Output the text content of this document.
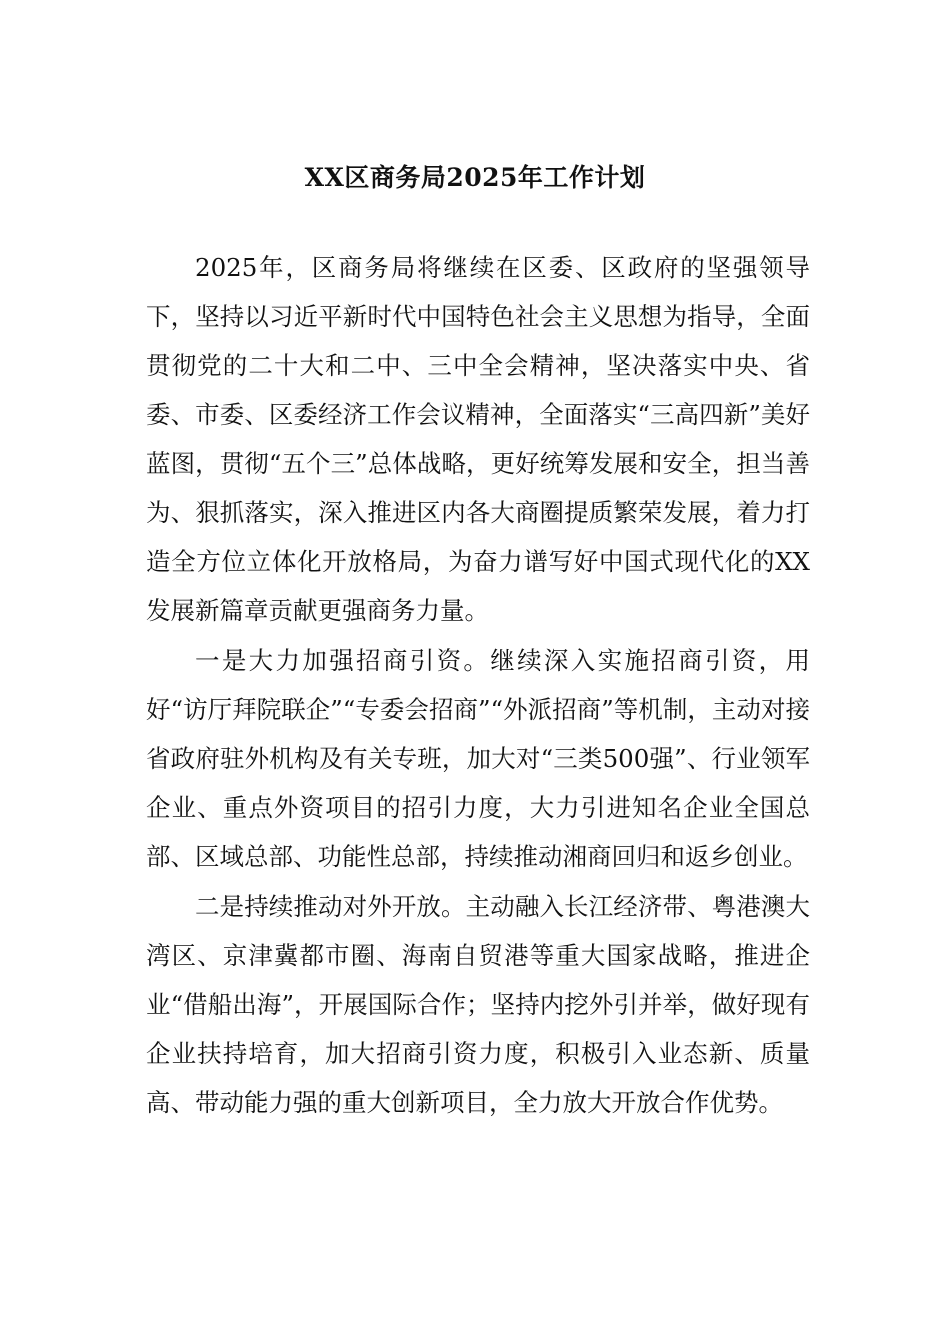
XX区商务局2025年工作计划

2025年，区商务局将继续在区委、区政府的坚强领导下，坚持以习近平新时代中国特色社会主义思想为指导，全面贯彻党的二十大和二中、三中全会精神，坚决落实中央、省委、市委、区委经济工作会议精神，全面落实“三高四新”美好蓝图，贯彻“五个三”总体战略，更好统筹发展和安全，担当善为、狠抓落实，深入推进区内各大商圈提质繁荣发展，着力打造全方位立体化开放格局，为奋力谱写好中国式现代化的XX发展新篇章贡献更强商务力量。

一是大力加强招商引资。继续深入实施招商引资，用好“访厅拜院联企”“专委会招商”“外派招商”等机制，主动对接省政府驻外机构及有关专班，加大对“三类500强”、行业领军企业、重点外资项目的招引力度，大力引进知名企业全国总部、区域总部、功能性总部，持续推动湘商回归和返乡创业。

二是持续推动对外开放。主动融入长江经济带、粤港澳大湾区、京津冀都市圈、海南自贸港等重大国家战略，推进企业“借船出海”，开展国际合作；坚持内挖外引并举，做好现有企业扶持培育，加大招商引资力度，积极引入业态新、质量高、带动能力强的重大创新项目，全力放大开放合作优势。
